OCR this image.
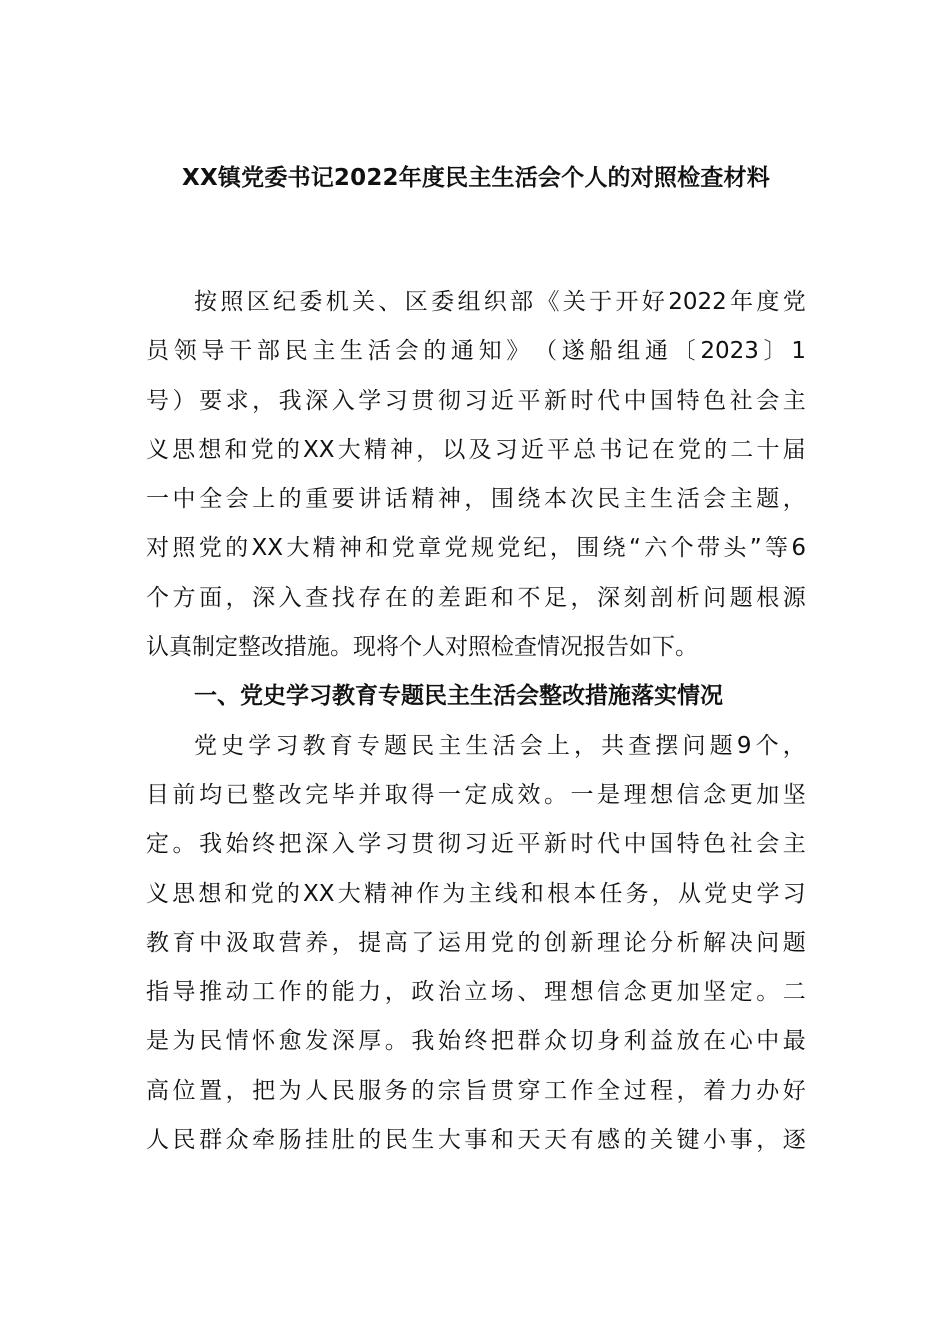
XX镇党委书记2022年度民主生活会个人的对照检查材料
按 照 区 纪 委 机 关 、 区 委 组 织 部 《 关 于 开 好 2022 年 度 党
员 领 导 干 部 民 主 生 活 会 的 通 知 》 （ 遂 船 组 通 〔 2023 〕 1
号 ） 要 求 ， 我 深 入 学 习 贯 彻 习 近 平 新 时 代 中 国 特 色 社 会 主
义 思 想 和 党 的 XX 大 精 神 ， 以 及 习 近 平 总 书 记 在 党 的 二 十 届
一 中 全 会 上 的 重 要 讲 话 精 神 ， 围 绕 本 次 民 主 生 活 会 主 题 ，
对 照 党 的 XX 大 精 神 和 党 章 党 规 党 纪 ， 围 绕 “ 六 个 带 头 ” 等 6
个 方 面 ， 深 入 查 找 存 在 的 差 距 和 不 足 ， 深 刻 剖 析 问 题 根 源
认真制定整改措施。现将个人对照检查情况报告如下。
一、党史学习教育专题民主生活会整改措施落实情况
党 史 学 习 教 育 专 题 民 主 生 活 会 上 ， 共 查 摆 问 题 9 个 ，
目 前 均 已 整 改 完 毕 并 取 得 一 定 成 效 。 一 是 理 想 信 念 更 加 坚
定 。 我 始 终 把 深 入 学 习 贯 彻 习 近 平 新 时 代 中 国 特 色 社 会 主
义 思 想 和 党 的 XX 大 精 神 作 为 主 线 和 根 本 任 务 ， 从 党 史 学 习
教 育 中 汲 取 营 养 ， 提 高 了 运 用 党 的 创 新 理 论 分 析 解 决 问 题
指 导 推 动 工 作 的 能 力 ， 政 治 立 场 、 理 想 信 念 更 加 坚 定 。 二
是 为 民 情 怀 愈 发 深 厚 。 我 始 终 把 群 众 切 身 利 益 放 在 心 中 最
高 位 置 ， 把 为 人 民 服 务 的 宗 旨 贯 穿 工 作 全 过 程 ， 着 力 办 好
人 民 群 众 牵 肠 挂 肚 的 民 生 大 事 和 天 天 有 感 的 关 键 小 事 ， 逐
